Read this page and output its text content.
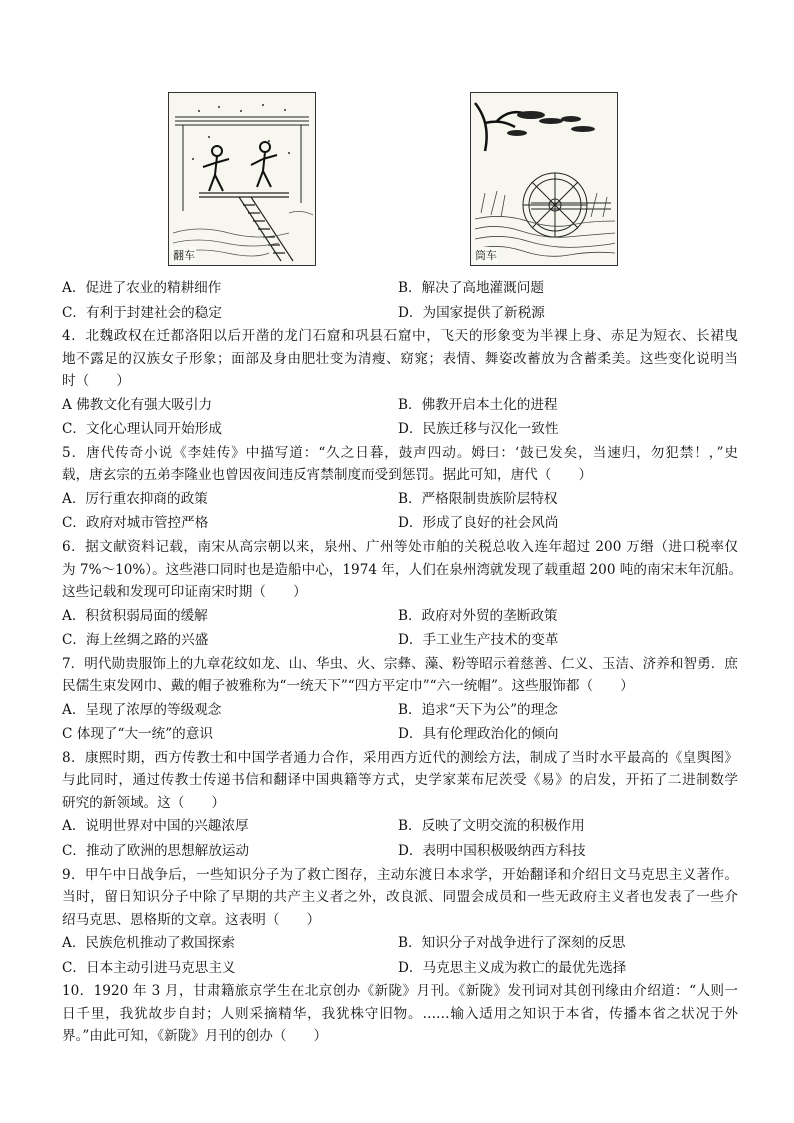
翻车	筒车
A．促进了农业的精耕细作	B．解决了高地灌溉问题
C．有利于封建社会的稳定	D．为国家提供了新税源
4．北魏政权在迁都洛阳以后开凿的龙门石窟和巩县石窟中，飞天的形象变为半裸上身、赤足为短衣、长裙曳
地不露足的汉族女子形象；面部及身由肥壮变为清瘦、窈窕；表情、舞姿改蓄放为含蓄柔美。这些变化说明当
时（　　）
A 佛教文化有强大吸引力	B．佛教开启本土化的进程
C．文化心理认同开始形成	D．民族迁移与汉化一致性
5．唐代传奇小说《李娃传》中描写道：“久之日暮，鼓声四动。姆曰：‘鼓已发矣，当速归，勿犯禁！，”史
载，唐玄宗的五弟李隆业也曾因夜间违反宵禁制度而受到惩罚。据此可知，唐代（　　）
A．厉行重农抑商的政策	B．严格限制贵族阶层特权
C．政府对城市管控严格	D．形成了良好的社会风尚
6．据文献资料记载，南宋从高宗朝以来，泉州、广州等处市舶的关税总收入连年超过 200 万缗（进口税率仅
为 7%～10%）。这些港口同时也是造船中心，1974 年，人们在泉州湾就发现了载重超 200 吨的南宋末年沉船。
这些记载和发现可印证南宋时期（　　）
A．积贫积弱局面的缓解	B．政府对外贸的垄断政策
C．海上丝绸之路的兴盛	D．手工业生产技术的变革
7．明代勋贵服饰上的九章花纹如龙、山、华虫、火、宗彝、藻、粉等昭示着慈善、仁义、玉洁、济养和智勇．庶
民儒生束发网巾、戴的帽子被雅称为“一统天下”“四方平定巾”“六一统帽”。这些服饰都（　　）
A．呈现了浓厚的等级观念	B．追求“天下为公”的理念
C 体现了“大一统”的意识	D．具有伦理政治化的倾向
8．康熙时期，西方传教士和中国学者通力合作，采用西方近代的测绘方法，制成了当时水平最高的《皇舆图》
与此同时，通过传教士传递书信和翻译中国典籍等方式，史学家莱布尼茨受《易》的启发，开拓了二进制数学
研究的新领域。这（　　）
A．说明世界对中国的兴趣浓厚	B．反映了文明交流的积极作用
C．推动了欧洲的思想解放运动	D．表明中国积极吸纳西方科技
9．甲午中日战争后，一些知识分子为了救亡图存，主动东渡日本求学，开始翻译和介绍日文马克思主义著作。
当时，留日知识分子中除了早期的共产主义者之外，改良派、同盟会成员和一些无政府主义者也发表了一些介
绍马克思、恩格斯的文章。这表明（　　）
A．民族危机推动了救国探索	B．知识分子对战争进行了深刻的反思
C．日本主动引进马克思主义	D．马克思主义成为救亡的最优先选择
10．1920 年 3 月，甘肃籍旅京学生在北京创办《新陇》月刊。《新陇》发刊词对其创刊缘由介绍道：“人则一
日千里，我犹故步自封；人则采摘精华，我犹株守旧物。……输入适用之知识于本省，传播本省之状况于外
界。”由此可知，《新陇》月刊的创办（　　）
